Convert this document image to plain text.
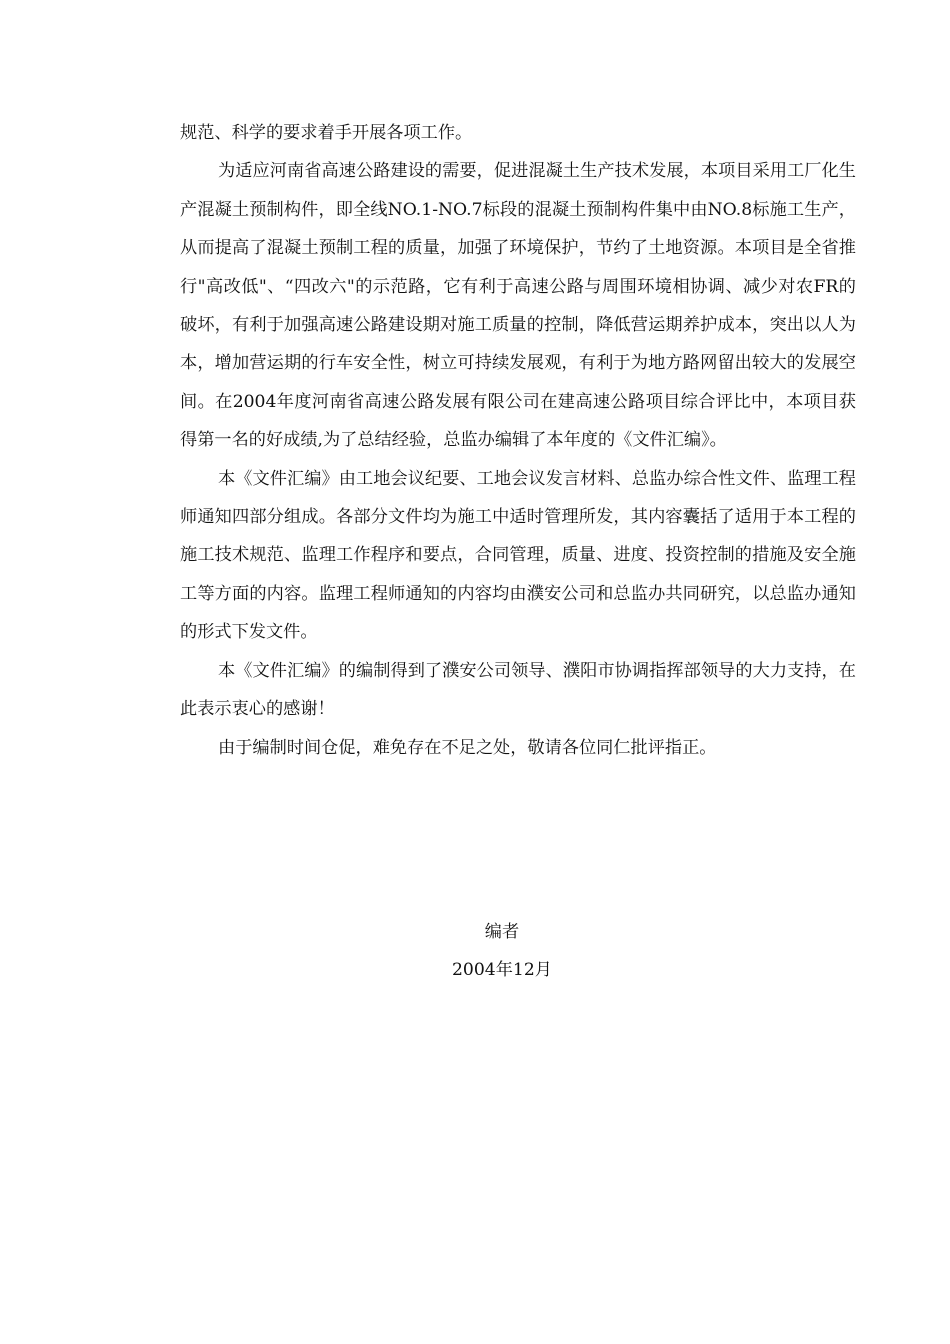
规范、科学的要求着手开展各项工作。

为适应河南省高速公路建设的需要，促进混凝土生产技术发展，本项目采用工厂化生产混凝土预制构件，即全线NO.1-NO.7标段的混凝土预制构件集中由NO.8标施工生产，从而提高了混凝土预制工程的质量，加强了环境保护，节约了土地资源。本项目是全省推行"高改低"、“四改六"的示范路，它有利于高速公路与周围环境相协调、减少对农FR的破坏，有利于加强高速公路建设期对施工质量的控制，降低营运期养护成本，突出以人为本，增加营运期的行车安全性，树立可持续发展观，有利于为地方路网留出较大的发展空间。在2004年度河南省高速公路发展有限公司在建高速公路项目综合评比中，本项目获得第一名的好成绩,为了总结经验，总监办编辑了本年度的《文件汇编》。

本《文件汇编》由工地会议纪要、工地会议发言材料、总监办综合性文件、监理工程师通知四部分组成。各部分文件均为施工中适时管理所发，其内容囊括了适用于本工程的施工技术规范、监理工作程序和要点，合同管理，质量、进度、投资控制的措施及安全施工等方面的内容。监理工程师通知的内容均由濮安公司和总监办共同研究，以总监办通知的形式下发文件。

本《文件汇编》的编制得到了濮安公司领导、濮阳市协调指挥部领导的大力支持，在此表示衷心的感谢！

由于编制时间仓促，难免存在不足之处，敬请各位同仁批评指正。

编者

2004年12月
